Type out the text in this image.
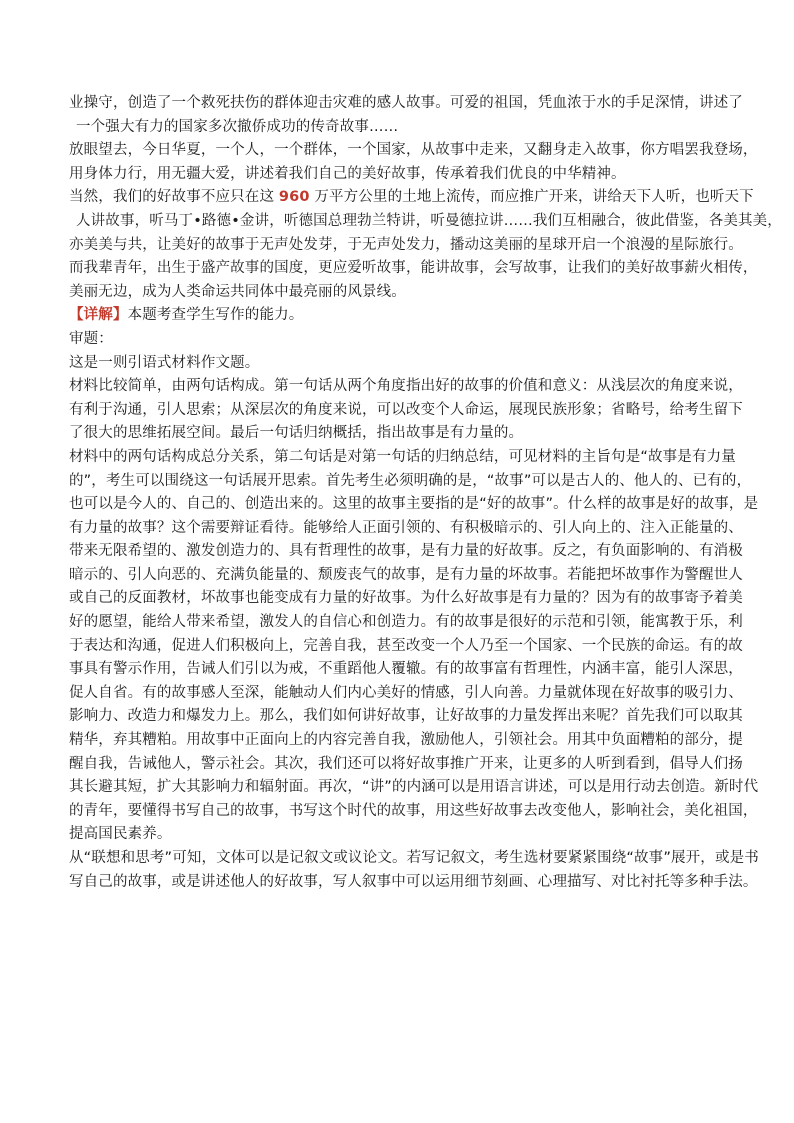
业操守，创造了一个救死扶伤的群体迎击灾难的感人故事。可爱的祖国，凭血浓于水的手足深情，讲述了
一个强大有力的国家多次撤侨成功的传奇故事……

放眼望去，今日华夏，一个人，一个群体，一个国家，从故事中走来，又翻身走入故事，你方唱罢我登场，
用身体力行，用无疆大爱，讲述着我们自己的美好故事，传承着我们优良的中华精神。

当然，我们的好故事不应只在这 960 万平方公里的土地上流传，而应推广开来，讲给天下人听，也听天下
人讲故事，听马丁•路德•金讲，听德国总理勃兰特讲，听曼德拉讲……我们互相融合，彼此借鉴，各美其美，
亦美美与共，让美好的故事于无声处发芽，于无声处发力，播动这美丽的星球开启一个浪漫的星际旅行。

而我辈青年，出生于盛产故事的国度，更应爱听故事，能讲故事，会写故事，让我们的美好故事薪火相传，
美丽无边，成为人类命运共同体中最亮丽的风景线。

【详解】本题考查学生写作的能力。

审题：

这是一则引语式材料作文题。

材料比较简单，由两句话构成。第一句话从两个角度指出好的故事的价值和意义：从浅层次的角度来说，
有利于沟通，引人思索；从深层次的角度来说，可以改变个人命运，展现民族形象；省略号，给考生留下
了很大的思维拓展空间。最后一句话归纳概括，指出故事是有力量的。

材料中的两句话构成总分关系，第二句话是对第一句话的归纳总结，可见材料的主旨句是“故事是有力量
的”，考生可以围绕这一句话展开思索。首先考生必须明确的是，“故事”可以是古人的、他人的、已有的，
也可以是今人的、自己的、创造出来的。这里的故事主要指的是“好的故事”。什么样的故事是好的故事，是
有力量的故事？这个需要辩证看待。能够给人正面引领的、有积极暗示的、引人向上的、注入正能量的、
带来无限希望的、激发创造力的、具有哲理性的故事，是有力量的好故事。反之，有负面影响的、有消极
暗示的、引人向恶的、充满负能量的、颓废丧气的故事，是有力量的坏故事。若能把坏故事作为警醒世人
或自己的反面教材，坏故事也能变成有力量的好故事。为什么好故事是有力量的？因为有的故事寄予着美
好的愿望，能给人带来希望，激发人的自信心和创造力。有的故事是很好的示范和引领，能寓教于乐，利
于表达和沟通，促进人们积极向上，完善自我，甚至改变一个人乃至一个国家、一个民族的命运。有的故
事具有警示作用，告诫人们引以为戒，不重蹈他人覆辙。有的故事富有哲理性，内涵丰富，能引人深思，
促人自省。有的故事感人至深，能触动人们内心美好的情感，引人向善。力量就体现在好故事的吸引力、
影响力、改造力和爆发力上。那么，我们如何讲好故事，让好故事的力量发挥出来呢？首先我们可以取其
精华，弃其糟粕。用故事中正面向上的内容完善自我，激励他人，引领社会。用其中负面糟粕的部分，提
醒自我，告诫他人，警示社会。其次，我们还可以将好故事推广开来，让更多的人听到看到，倡导人们扬
其长避其短，扩大其影响力和辐射面。再次，“讲”的内涵可以是用语言讲述，可以是用行动去创造。新时代
的青年，要懂得书写自己的故事，书写这个时代的故事，用这些好故事去改变他人，影响社会，美化祖国，
提高国民素养。

从“联想和思考”可知，文体可以是记叙文或议论文。若写记叙文，考生选材要紧紧围绕“故事”展开，或是书
写自己的故事，或是讲述他人的好故事，写人叙事中可以运用细节刻画、心理描写、对比衬托等多种手法。
